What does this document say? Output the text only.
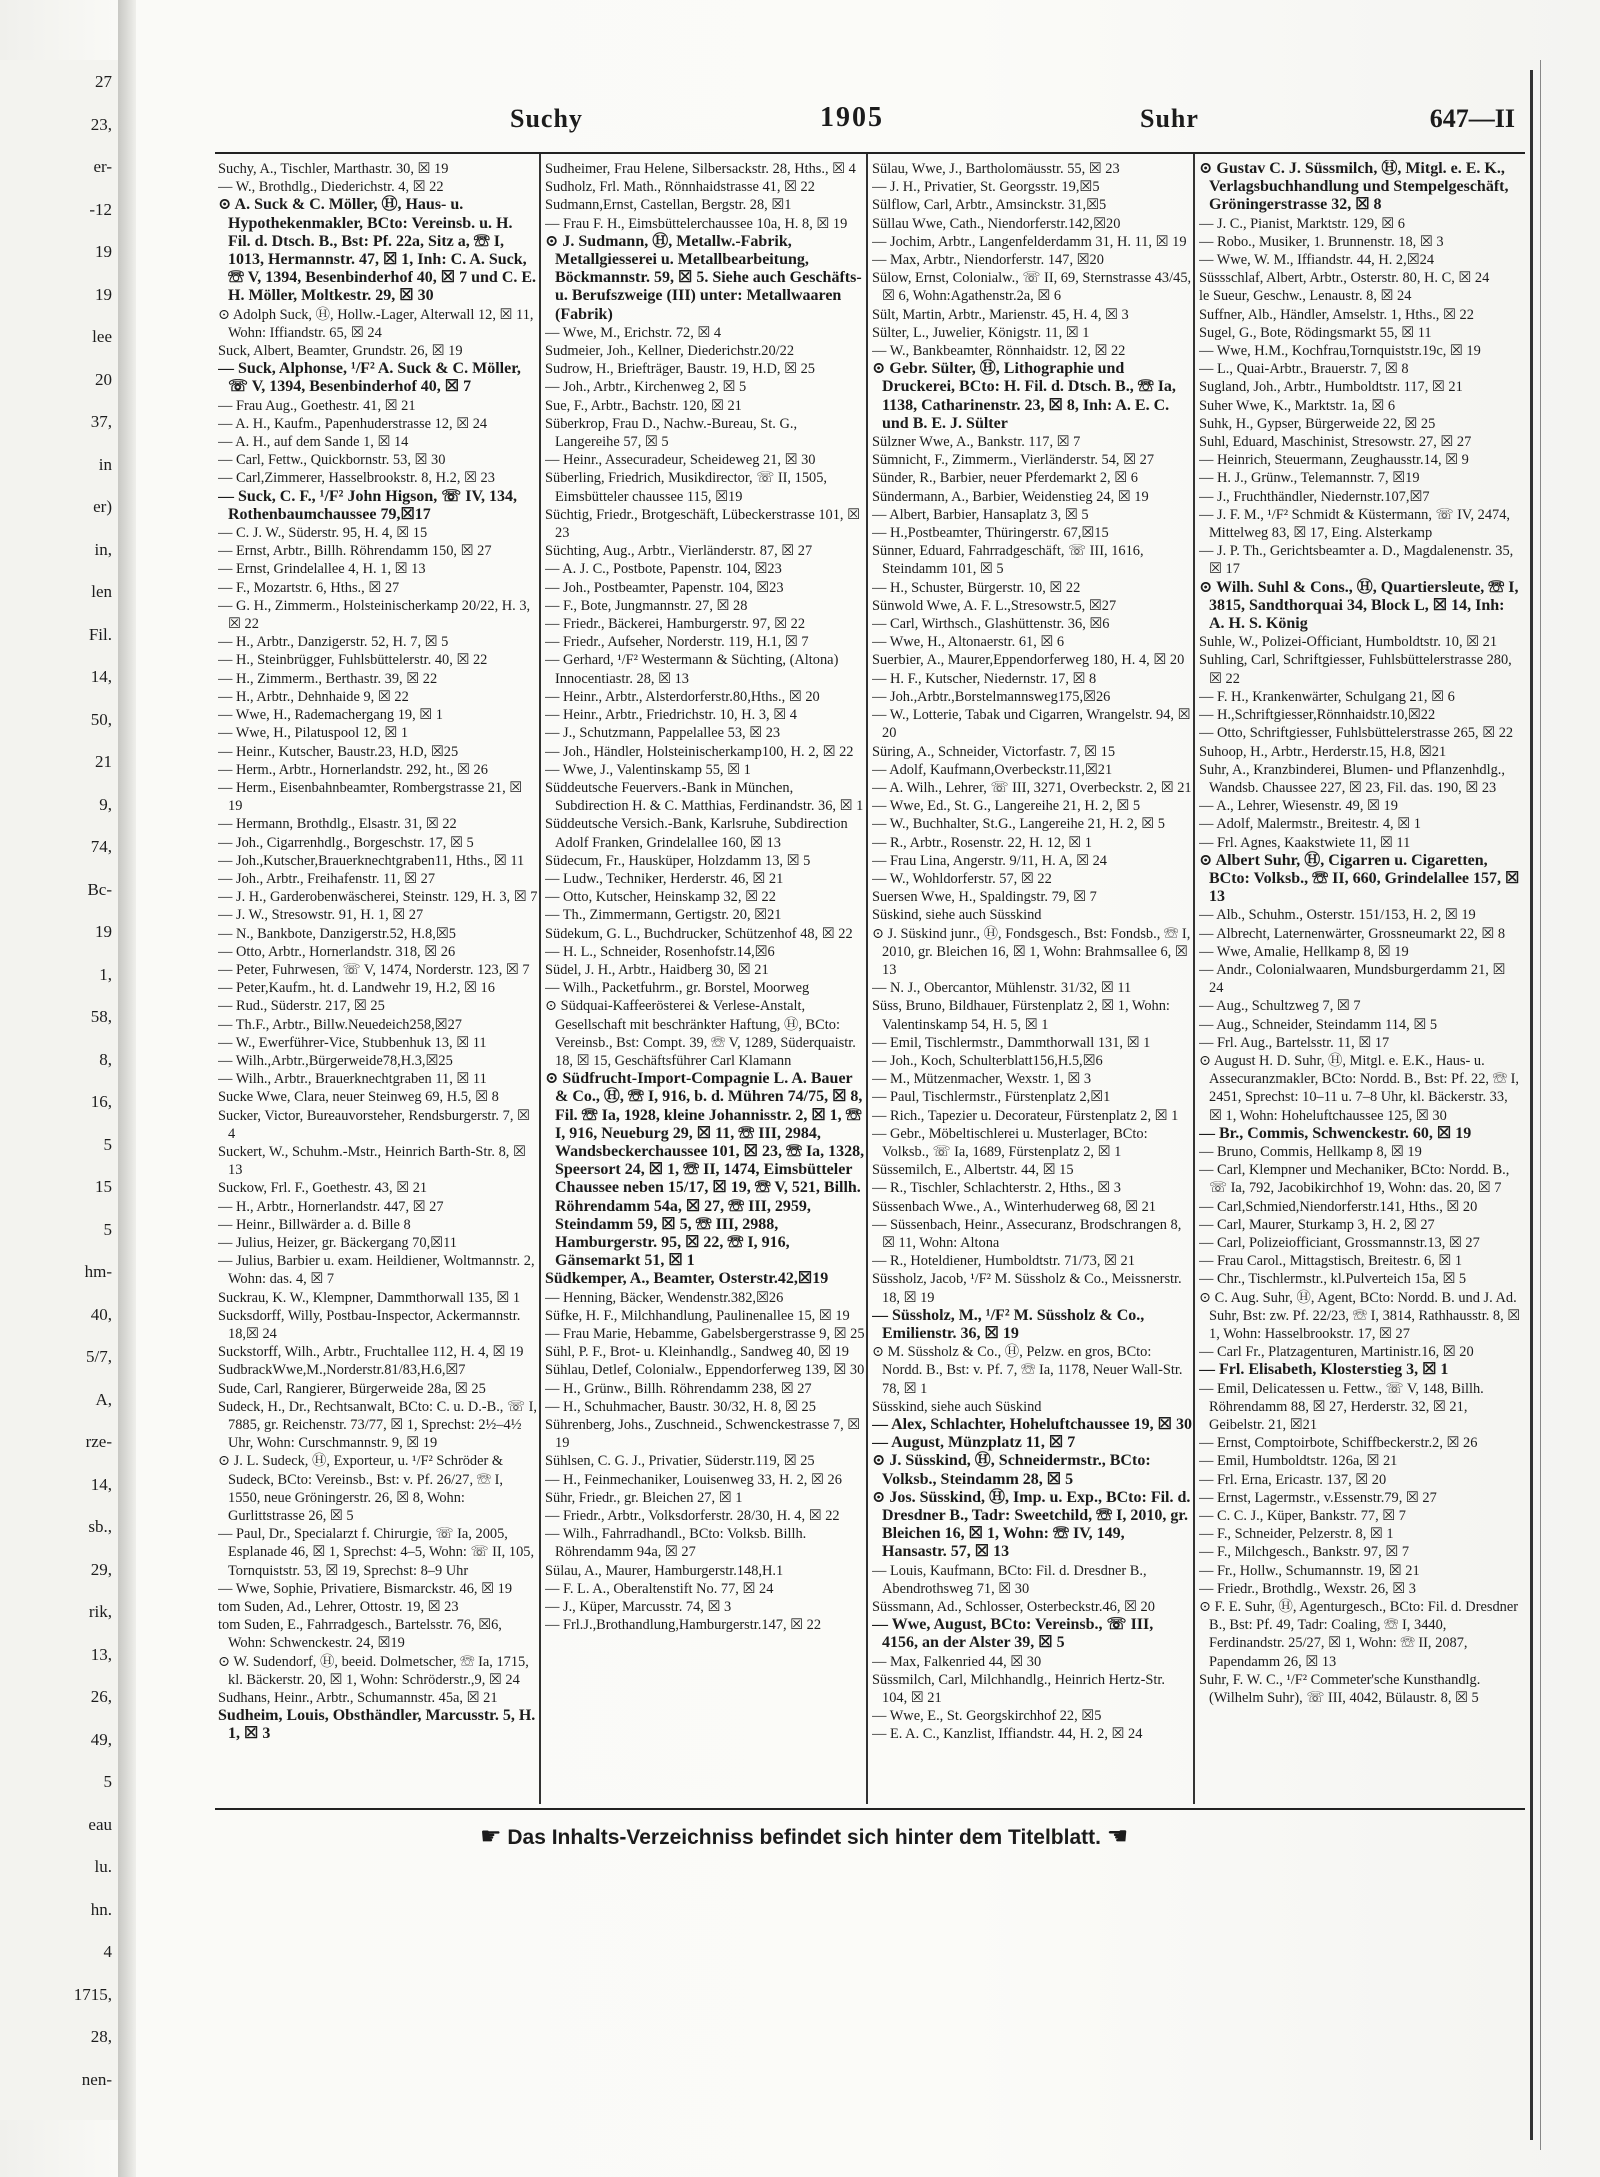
27
23,
er-
-12
19
19
lee
20
37,
in
er)
in,
len
Fil.
14,
50,
21
9,
74,
Bc-
19
1,
58,
8,
16,
5
15
5
hm-
40,
5/7,
A,
rze-
14,
sb.,
29,
rik,
13,
26,
49,
5
eau
lu.
hn.
4
1715,
28,
nen-
Suchy	1905	Suhr	647—II

Suchy, A., Tischler, Marthastr. 30, ☒ 19

— W., Brothdlg., Diederichstr. 4, ☒ 22

⊙ A. Suck & C. Möller, Ⓗ, Haus- u. Hypothekenmakler, BCto: Vereinsb. u. H. Fil. d. Dtsch. B., Bst: Pf. 22a, Sitz a, ☏ I, 1013, Hermannstr. 47, ☒ 1, Inh: C. A. Suck, ☏ V, 1394, Besenbinderhof 40, ☒ 7 und C. E. H. Möller, Moltkestr. 29, ☒ 30

⊙ Adolph Suck, Ⓗ, Hollw.-Lager, Alterwall 12, ☒ 11, Wohn: Iffiandstr. 65, ☒ 24

Suck, Albert, Beamter, Grundstr. 26, ☒ 19

— Suck, Alphonse, ¹/F² A. Suck & C. Möller, ☏ V, 1394, Besenbinderhof 40, ☒ 7

— Frau Aug., Goethestr. 41, ☒ 21

— A. H., Kaufm., Papenhuderstrasse 12, ☒ 24

— A. H., auf dem Sande 1, ☒ 14

— Carl, Fettw., Quickbornstr. 53, ☒ 30

— Carl,Zimmerer, Hasselbrookstr. 8, H.2, ☒ 23

— Suck, C. F., ¹/F² John Higson, ☏ IV, 134, Rothenbaumchaussee 79,☒17

— C. J. W., Süderstr. 95, H. 4, ☒ 15

— Ernst, Arbtr., Billh. Röhrendamm 150, ☒ 27

— Ernst, Grindelallee 4, H. 1, ☒ 13

— F., Mozartstr. 6, Hths., ☒ 27

— G. H., Zimmerm., Holsteinischerkamp 20/22, H. 3, ☒ 22

— H., Arbtr., Danzigerstr. 52, H. 7, ☒ 5

— H., Steinbrügger, Fuhlsbüttelerstr. 40, ☒ 22

— H., Zimmerm., Berthastr. 39, ☒ 22

— H., Arbtr., Dehnhaide 9, ☒ 22

— Wwe, H., Rademachergang 19, ☒ 1

— Wwe, H., Pilatuspool 12, ☒ 1

— Heinr., Kutscher, Baustr.23, H.D, ☒25

— Herm., Arbtr., Hornerlandstr. 292, ht., ☒ 26

— Herm., Eisenbahnbeamter, Rombergstrasse 21, ☒ 19

— Hermann, Brothdlg., Elsastr. 31, ☒ 22

— Joh., Cigarrenhdlg., Borgeschstr. 17, ☒ 5

— Joh.,Kutscher,Brauerknechtgraben11, Hths., ☒ 11

— Joh., Arbtr., Freihafenstr. 11, ☒ 27

— J. H., Garderobenwäscherei, Steinstr. 129, H. 3, ☒ 7

— J. W., Stresowstr. 91, H. 1, ☒ 27

— N., Bankbote, Danzigerstr.52, H.8,☒5

— Otto, Arbtr., Hornerlandstr. 318, ☒ 26

— Peter, Fuhrwesen, ☏ V, 1474, Norderstr. 123, ☒ 7

— Peter,Kaufm., ht. d. Landwehr 19, H.2, ☒ 16

— Rud., Süderstr. 217, ☒ 25

— Th.F., Arbtr., Billw.Neuedeich258,☒27

— W., Ewerführer-Vice, Stubbenhuk 13, ☒ 11

— Wilh.,Arbtr.,Bürgerweide78,H.3,☒25

— Wilh., Arbtr., Brauerknechtgraben 11, ☒ 11

Sucke Wwe, Clara, neuer Steinweg 69, H.5, ☒ 8

Sucker, Victor, Bureauvorsteher, Rendsburgerstr. 7, ☒ 4

Suckert, W., Schuhm.-Mstr., Heinrich Barth-Str. 8, ☒ 13

Suckow, Frl. F., Goethestr. 43, ☒ 21

— H., Arbtr., Hornerlandstr. 447, ☒ 27

— Heinr., Billwärder a. d. Bille 8

— Julius, Heizer, gr. Bäckergang 70,☒11

— Julius, Barbier u. exam. Heildiener, Woltmannstr. 2, Wohn: das. 4, ☒ 7

Suckrau, K. W., Klempner, Dammthorwall 135, ☒ 1

Sucksdorff, Willy, Postbau-Inspector, Ackermannstr. 18,☒ 24

Suckstorff, Wilh., Arbtr., Fruchtallee 112, H. 4, ☒ 19

SudbrackWwe,M.,Norderstr.81/83,H.6,☒7

Sude, Carl, Rangierer, Bürgerweide 28a, ☒ 25

Sudeck, H., Dr., Rechtsanwalt, BCto: C. u. D.-B., ☏ I, 7885, gr. Reichenstr. 73/77, ☒ 1, Sprechst: 2½–4½ Uhr, Wohn: Curschmannstr. 9, ☒ 19

⊙ J. L. Sudeck, Ⓗ, Exporteur, u. ¹/F² Schröder & Sudeck, BCto: Vereinsb., Bst: v. Pf. 26/27, ☏ I, 1550, neue Gröningerstr. 26, ☒ 8, Wohn: Gurlittstrasse 26, ☒ 5

— Paul, Dr., Specialarzt f. Chirurgie, ☏ Ia, 2005, Esplanade 46, ☒ 1, Sprechst: 4–5, Wohn: ☏ II, 105, Tornquiststr. 53, ☒ 19, Sprechst: 8–9 Uhr

— Wwe, Sophie, Privatiere, Bismarckstr. 46, ☒ 19

tom Suden, Ad., Lehrer, Ottostr. 19, ☒ 23

tom Suden, E., Fahrradgesch., Bartelsstr. 76, ☒6, Wohn: Schwenckestr. 24, ☒19

⊙ W. Sudendorf, Ⓗ, beeid. Dolmetscher, ☏ Ia, 1715, kl. Bäckerstr. 20, ☒ 1, Wohn: Schröderstr.,9, ☒ 24

Sudhans, Heinr., Arbtr., Schumannstr. 45a, ☒ 21

Sudheim, Louis, Obsthändler, Marcusstr. 5, H. 1, ☒ 3

Sudheimer, Frau Helene, Silbersackstr. 28, Hths., ☒ 4

Sudholz, Frl. Math., Rönnhaidstrasse 41, ☒ 22

Sudmann,Ernst, Castellan, Bergstr. 28, ☒1

— Frau F. H., Eimsbüttelerchaussee 10a, H. 8, ☒ 19

⊙ J. Sudmann, Ⓗ, Metallw.-Fabrik, Metallgiesserei u. Metallbearbeitung, Böckmannstr. 59, ☒ 5. Siehe auch Geschäfts- u. Berufszweige (III) unter: Metallwaaren (Fabrik)

— Wwe, M., Erichstr. 72, ☒ 4

Sudmeier, Joh., Kellner, Diederichstr.20/22

Sudrow, H., Briefträger, Baustr. 19, H.D, ☒ 25

— Joh., Arbtr., Kirchenweg 2, ☒ 5

Sue, F., Arbtr., Bachstr. 120, ☒ 21

Süberkrop, Frau D., Nachw.-Bureau, St. G., Langereihe 57, ☒ 5

— Heinr., Assecuradeur, Scheideweg 21, ☒ 30

Süberling, Friedrich, Musikdirector, ☏ II, 1505, Eimsbütteler chaussee 115, ☒19

Süchtig, Friedr., Brotgeschäft, Lübeckerstrasse 101, ☒ 23

Süchting, Aug., Arbtr., Vierländerstr. 87, ☒ 27

— A. J. C., Postbote, Papenstr. 104, ☒23

— Joh., Postbeamter, Papenstr. 104, ☒23

— F., Bote, Jungmannstr. 27, ☒ 28

— Friedr., Bäckerei, Hamburgerstr. 97, ☒ 22

— Friedr., Aufseher, Norderstr. 119, H.1, ☒ 7

— Gerhard, ¹/F² Westermann & Süchting, (Altona) Innocentiastr. 28, ☒ 13

— Heinr., Arbtr., Alsterdorferstr.80,Hths., ☒ 20

— Heinr., Arbtr., Friedrichstr. 10, H. 3, ☒ 4

— J., Schutzmann, Pappelallee 53, ☒ 23

— Joh., Händler, Holsteinischerkamp100, H. 2, ☒ 22

— Wwe, J., Valentinskamp 55, ☒ 1

Süddeutsche Feuervers.-Bank in München, Subdirection H. & C. Matthias, Ferdinandstr. 36, ☒ 1

Süddeutsche Versich.-Bank, Karlsruhe, Subdirection Adolf Franken, Grindelallee 160, ☒ 13

Südecum, Fr., Hausküper, Holzdamm 13, ☒ 5

— Ludw., Techniker, Herderstr. 46, ☒ 21

— Otto, Kutscher, Heinskamp 32, ☒ 22

— Th., Zimmermann, Gertigstr. 20, ☒21

Südekum, G. L., Buchdrucker, Schützenhof 48, ☒ 22

— H. L., Schneider, Rosenhofstr.14,☒6

Südel, J. H., Arbtr., Haidberg 30, ☒ 21

— Wilh., Packetfuhrm., gr. Borstel, Moorweg

⊙ Südquai-Kaffeerösterei & Verlese-Anstalt, Gesellschaft mit beschränkter Haftung, Ⓗ, BCto: Vereinsb., Bst: Compt. 39, ☏ V, 1289, Süderquaistr. 18, ☒ 15, Geschäftsführer Carl Klamann

⊙ Südfrucht-Import-Compagnie L. A. Bauer & Co., Ⓗ, ☏ I, 916, b. d. Mühren 74/75, ☒ 8, Fil. ☏ Ia, 1928, kleine Johannisstr. 2, ☒ 1, ☏ I, 916, Neueburg 29, ☒ 11, ☏ III, 2984, Wandsbeckerchaussee 101, ☒ 23, ☏ Ia, 1328, Speersort 24, ☒ 1, ☏ II, 1474, Eimsbütteler Chaussee neben 15/17, ☒ 19, ☏ V, 521, Billh. Röhrendamm 54a, ☒ 27, ☏ III, 2959, Steindamm 59, ☒ 5, ☏ III, 2988, Hamburgerstr. 95, ☒ 22, ☏ I, 916, Gänsemarkt 51, ☒ 1

Südkemper, A., Beamter, Osterstr.42,☒19

— Henning, Bäcker, Wendenstr.382,☒26

Süfke, H. F., Milchhandlung, Paulinenallee 15, ☒ 19

— Frau Marie, Hebamme, Gabelsbergerstrasse 9, ☒ 25

Sühl, P. F., Brot- u. Kleinhandlg., Sandweg 40, ☒ 19

Sühlau, Detlef, Colonialw., Eppendorferweg 139, ☒ 30

— H., Grünw., Billh. Röhrendamm 238, ☒ 27

— H., Schuhmacher, Baustr. 30/32, H. 8, ☒ 25

Sührenberg, Johs., Zuschneid., Schwenckestrasse 7, ☒ 19

Sühlsen, C. G. J., Privatier, Süderstr.119, ☒ 25

— H., Feinmechaniker, Louisenweg 33, H. 2, ☒ 26

Sühr, Friedr., gr. Bleichen 27, ☒ 1

— Friedr., Arbtr., Volksdorferstr. 28/30, H. 4, ☒ 22

— Wilh., Fahrradhandl., BCto: Volksb. Billh. Röhrendamm 94a, ☒ 27

Sülau, A., Maurer, Hamburgerstr.148,H.1

— F. L. A., Oberaltenstift No. 77, ☒ 24

— J., Küper, Marcusstr. 74, ☒ 3

— Frl.J.,Brothandlung,Hamburgerstr.147, ☒ 22

Sülau, Wwe, J., Bartholomäusstr. 55, ☒ 23

— J. H., Privatier, St. Georgsstr. 19,☒5

Sülflow, Carl, Arbtr., Amsinckstr. 31,☒5

Süllau Wwe, Cath., Niendorferstr.142,☒20

— Jochim, Arbtr., Langenfelderdamm 31, H. 11, ☒ 19

— Max, Arbtr., Niendorferstr. 147, ☒20

Sülow, Ernst, Colonialw., ☏ II, 69, Sternstrasse 43/45, ☒ 6, Wohn:Agathenstr.2a, ☒ 6

Sült, Martin, Arbtr., Marienstr. 45, H. 4, ☒ 3

Sülter, L., Juwelier, Königstr. 11, ☒ 1

— W., Bankbeamter, Rönnhaidstr. 12, ☒ 22

⊙ Gebr. Sülter, Ⓗ, Lithographie und Druckerei, BCto: H. Fil. d. Dtsch. B., ☏ Ia, 1138, Catharinenstr. 23, ☒ 8, Inh: A. E. C. und B. E. J. Sülter

Sülzner Wwe, A., Bankstr. 117, ☒ 7

Sümnicht, F., Zimmerm., Vierländerstr. 54, ☒ 27

Sünder, R., Barbier, neuer Pferdemarkt 2, ☒ 6

Sündermann, A., Barbier, Weidenstieg 24, ☒ 19

— Albert, Barbier, Hansaplatz 3, ☒ 5

— H.,Postbeamter, Thüringerstr. 67,☒15

Sünner, Eduard, Fahrradgeschäft, ☏ III, 1616, Steindamm 101, ☒ 5

— H., Schuster, Bürgerstr. 10, ☒ 22

Sünwold Wwe, A. F. L.,Stresowstr.5, ☒27

— Carl, Wirthsch., Glashüttenstr. 36, ☒6

— Wwe, H., Altonaerstr. 61, ☒ 6

Suerbier, A., Maurer,Eppendorferweg 180, H. 4, ☒ 20

— H. F., Kutscher, Niedernstr. 17, ☒ 8

— Joh.,Arbtr.,Borstelmannsweg175,☒26

— W., Lotterie, Tabak und Cigarren, Wrangelstr. 94, ☒ 20

Süring, A., Schneider, Victorfastr. 7, ☒ 15

— Adolf, Kaufmann,Overbeckstr.11,☒21

— A. Wilh., Lehrer, ☏ III, 3271, Overbeckstr. 2, ☒ 21

— Wwe, Ed., St. G., Langereihe 21, H. 2, ☒ 5

— W., Buchhalter, St.G., Langereihe 21, H. 2, ☒ 5

— R., Arbtr., Rosenstr. 22, H. 12, ☒ 1

— Frau Lina, Angerstr. 9/11, H. A, ☒ 24

— W., Wohldorferstr. 57, ☒ 22

Suersen Wwe, H., Spaldingstr. 79, ☒ 7

Süskind, siehe auch Süsskind

⊙ J. Süskind junr., Ⓗ, Fondsgesch., Bst: Fondsb., ☏ I, 2010, gr. Bleichen 16, ☒ 1, Wohn: Brahmsallee 6, ☒ 13

— N. J., Obercantor, Mühlenstr. 31/32, ☒ 11

Süss, Bruno, Bildhauer, Fürstenplatz 2, ☒ 1, Wohn: Valentinskamp 54, H. 5, ☒ 1

— Emil, Tischlermstr., Dammthorwall 131, ☒ 1

— Joh., Koch, Schulterblatt156,H.5,☒6

— M., Mützenmacher, Wexstr. 1, ☒ 3

— Paul, Tischlermstr., Fürstenplatz 2,☒1

— Rich., Tapezier u. Decorateur, Fürstenplatz 2, ☒ 1

— Gebr., Möbeltischlerei u. Musterlager, BCto: Volksb., ☏ Ia, 1689, Fürstenplatz 2, ☒ 1

Süssemilch, E., Albertstr. 44, ☒ 15

— R., Tischler, Schlachterstr. 2, Hths., ☒ 3

Süssenbach Wwe., A., Winterhuderweg 68, ☒ 21

— Süssenbach, Heinr., Assecuranz, Brodschrangen 8, ☒ 11, Wohn: Altona

— R., Hoteldiener, Humboldtstr. 71/73, ☒ 21

Süssholz, Jacob, ¹/F² M. Süssholz & Co., Meissnerstr. 18, ☒ 19

— Süssholz, M., ¹/F² M. Süssholz & Co., Emilienstr. 36, ☒ 19

⊙ M. Süssholz & Co., Ⓗ, Pelzw. en gros, BCto: Nordd. B., Bst: v. Pf. 7, ☏ Ia, 1178, Neuer Wall-Str. 78, ☒ 1

Süsskind, siehe auch Süskind

— Alex, Schlachter, Hoheluftchaussee 19, ☒ 30

— August, Münzplatz 11, ☒ 7

⊙ J. Süsskind, Ⓗ, Schneidermstr., BCto: Volksb., Steindamm 28, ☒ 5

⊙ Jos. Süsskind, Ⓗ, Imp. u. Exp., BCto: Fil. d. Dresdner B., Tadr: Sweetchild, ☏ I, 2010, gr. Bleichen 16, ☒ 1, Wohn: ☏ IV, 149, Hansastr. 57, ☒ 13

— Louis, Kaufmann, BCto: Fil. d. Dresdner B., Abendrothsweg 71, ☒ 30

Süssmann, Ad., Schlosser, Osterbeckstr.46, ☒ 20

— Wwe, August, BCto: Vereinsb., ☏ III, 4156, an der Alster 39, ☒ 5

— Max, Falkenried 44, ☒ 30

Süssmilch, Carl, Milchhandlg., Heinrich Hertz-Str. 104, ☒ 21

— Wwe, E., St. Georgskirchhof 22, ☒5

— E. A. C., Kanzlist, Iffiandstr. 44, H. 2, ☒ 24

⊙ Gustav C. J. Süssmilch, Ⓗ, Mitgl. e. E. K., Verlagsbuchhandlung und Stempelgeschäft, Gröningerstrasse 32, ☒ 8

— J. C., Pianist, Marktstr. 129, ☒ 6

— Robo., Musiker, 1. Brunnenstr. 18, ☒ 3

— Wwe, W. M., Iffiandstr. 44, H. 2,☒24

Süssschlaf, Albert, Arbtr., Osterstr. 80, H. C, ☒ 24

le Sueur, Geschw., Lenaustr. 8, ☒ 24

Suffner, Alb., Händler, Amselstr. 1, Hths., ☒ 22

Sugel, G., Bote, Rödingsmarkt 55, ☒ 11

— Wwe, H.M., Kochfrau,Tornquiststr.19c, ☒ 19

— L., Quai-Arbtr., Brauerstr. 7, ☒ 8

Sugland, Joh., Arbtr., Humboldtstr. 117, ☒ 21

Suher Wwe, K., Marktstr. 1a, ☒ 6

Suhk, H., Gypser, Bürgerweide 22, ☒ 25

Suhl, Eduard, Maschinist, Stresowstr. 27, ☒ 27

— Heinrich, Steuermann, Zeughausstr.14, ☒ 9

— H. J., Grünw., Telemannstr. 7, ☒19

— J., Fruchthändler, Niedernstr.107,☒7

— J. F. M., ¹/F² Schmidt & Küstermann, ☏ IV, 2474, Mittelweg 83, ☒ 17, Eing. Alsterkamp

— J. P. Th., Gerichtsbeamter a. D., Magdalenenstr. 35, ☒ 17

⊙ Wilh. Suhl & Cons., Ⓗ, Quartiersleute, ☏ I, 3815, Sandthorquai 34, Block L, ☒ 14, Inh: A. H. S. König

Suhle, W., Polizei-Officiant, Humboldtstr. 10, ☒ 21

Suhling, Carl, Schriftgiesser, Fuhlsbüttelerstrasse 280, ☒ 22

— F. H., Krankenwärter, Schulgang 21, ☒ 6

— H.,Schriftgiesser,Rönnhaidstr.10,☒22

— Otto, Schriftgiesser, Fuhlsbüttelerstrasse 265, ☒ 22

Suhoop, H., Arbtr., Herderstr.15, H.8, ☒21

Suhr, A., Kranzbinderei, Blumen- und Pflanzenhdlg., Wandsb. Chaussee 227, ☒ 23, Fil. das. 190, ☒ 23

— A., Lehrer, Wiesenstr. 49, ☒ 19

— Adolf, Malermstr., Breitestr. 4, ☒ 1

— Frl. Agnes, Kaakstwiete 11, ☒ 11

⊙ Albert Suhr, Ⓗ, Cigarren u. Cigaretten, BCto: Volksb., ☏ II, 660, Grindelallee 157, ☒ 13

— Alb., Schuhm., Osterstr. 151/153, H. 2, ☒ 19

— Albrecht, Laternenwärter, Grossneumarkt 22, ☒ 8

— Wwe, Amalie, Hellkamp 8, ☒ 19

— Andr., Colonialwaaren, Mundsburgerdamm 21, ☒ 24

— Aug., Schultzweg 7, ☒ 7

— Aug., Schneider, Steindamm 114, ☒ 5

— Frl. Aug., Bartelsstr. 11, ☒ 17

⊙ August H. D. Suhr, Ⓗ, Mitgl. e. E.K., Haus- u. Assecuranzmakler, BCto: Nordd. B., Bst: Pf. 22, ☏ I, 2451, Sprechst: 10–11 u. 7–8 Uhr, kl. Bäckerstr. 33, ☒ 1, Wohn: Hoheluftchaussee 125, ☒ 30

— Br., Commis, Schwenckestr. 60, ☒ 19

— Bruno, Commis, Hellkamp 8, ☒ 19

— Carl, Klempner und Mechaniker, BCto: Nordd. B., ☏ Ia, 792, Jacobikirchhof 19, Wohn: das. 20, ☒ 7

— Carl,Schmied,Niendorferstr.141, Hths., ☒ 20

— Carl, Maurer, Sturkamp 3, H. 2, ☒ 27

— Carl, Polizeiofficiant, Grossmannstr.13, ☒ 27

— Frau Carol., Mittagstisch, Breitestr. 6, ☒ 1

— Chr., Tischlermstr., kl.Pulverteich 15a, ☒ 5

⊙ C. Aug. Suhr, Ⓗ, Agent, BCto: Nordd. B. und J. Ad. Suhr, Bst: zw. Pf. 22/23, ☏ I, 3814, Rathhausstr. 8, ☒ 1, Wohn: Hasselbrookstr. 17, ☒ 27

— Carl Fr., Platzagenturen, Martinistr.16, ☒ 20

— Frl. Elisabeth, Klosterstieg 3, ☒ 1

— Emil, Delicatessen u. Fettw., ☏ V, 148, Billh. Röhrendamm 88, ☒ 27, Herderstr. 32, ☒ 21, Geibelstr. 21, ☒21

— Ernst, Comptoirbote, Schiffbeckerstr.2, ☒ 26

— Emil, Humboldtstr. 126a, ☒ 21

— Frl. Erna, Ericastr. 137, ☒ 20

— Ernst, Lagermstr., v.Essenstr.79, ☒ 27

— C. C. J., Küper, Bankstr. 77, ☒ 7

— F., Schneider, Pelzerstr. 8, ☒ 1

— F., Milchgesch., Bankstr. 97, ☒ 7

— Fr., Hollw., Schumannstr. 19, ☒ 21

— Friedr., Brothdlg., Wexstr. 26, ☒ 3

⊙ F. E. Suhr, Ⓗ, Agenturgesch., BCto: Fil. d. Dresdner B., Bst: Pf. 49, Tadr: Coaling, ☏ I, 3440, Ferdinandstr. 25/27, ☒ 1, Wohn: ☏ II, 2087, Papendamm 26, ☒ 13

Suhr, F. W. C., ¹/F² Commeter'sche Kunsthandlg. (Wilhelm Suhr), ☏ III, 4042, Bülaustr. 8, ☒ 5

☛ Das Inhalts-Verzeichniss befindet sich hinter dem Titelblatt. ☚
